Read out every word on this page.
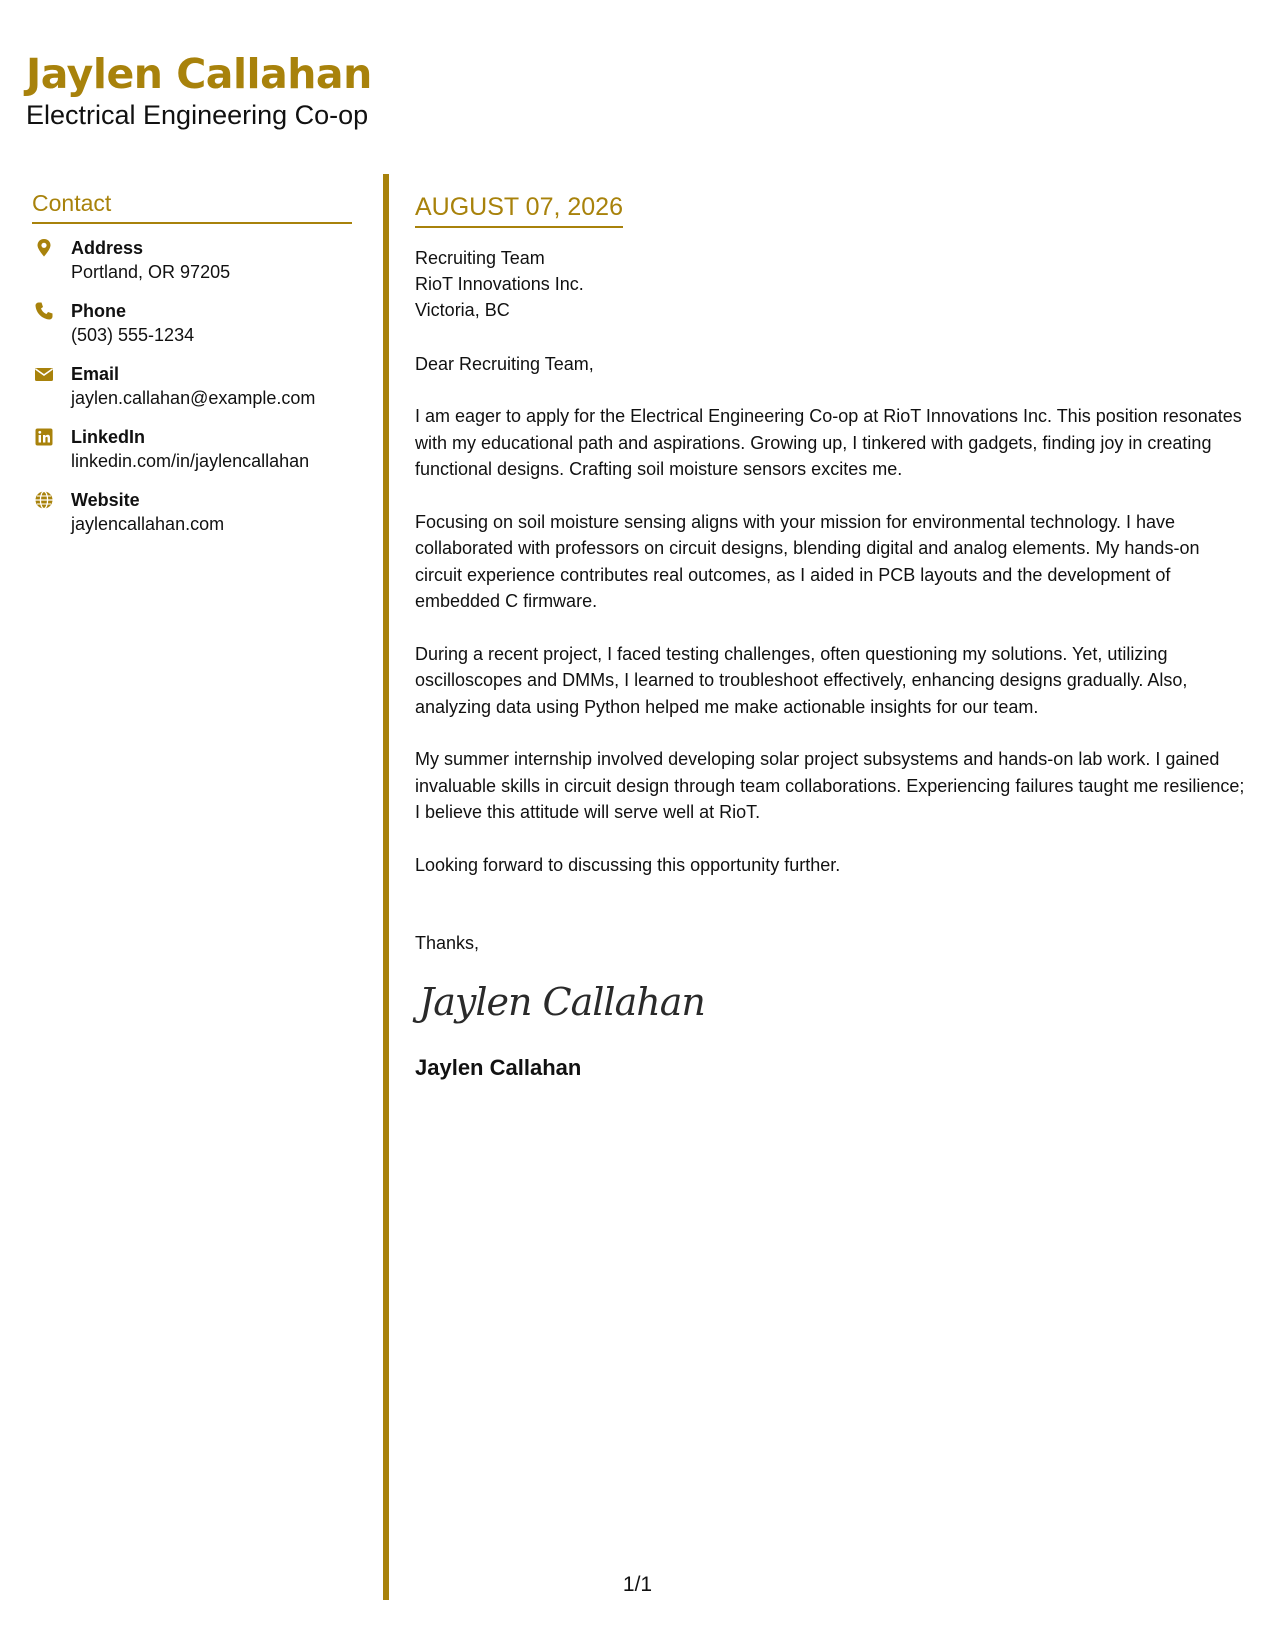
Jaylen Callahan
Electrical Engineering Co-op
Contact
Address
Portland, OR 97205
Phone
(503) 555-1234
Email
jaylen.callahan@example.com
LinkedIn
linkedin.com/in/jaylencallahan
Website
jaylencallahan.com
AUGUST 07, 2026
Recruiting Team
RioT Innovations Inc.
Victoria, BC
Dear Recruiting Team,
I am eager to apply for the Electrical Engineering Co-op at RioT Innovations Inc. This position resonates with my educational path and aspirations. Growing up, I tinkered with gadgets, finding joy in creating functional designs. Crafting soil moisture sensors excites me.
Focusing on soil moisture sensing aligns with your mission for environmental technology. I have collaborated with professors on circuit designs, blending digital and analog elements. My hands-on circuit experience contributes real outcomes, as I aided in PCB layouts and the development of embedded C firmware.
During a recent project, I faced testing challenges, often questioning my solutions. Yet, utilizing oscilloscopes and DMMs, I learned to troubleshoot effectively, enhancing designs gradually. Also, analyzing data using Python helped me make actionable insights for our team.
My summer internship involved developing solar project subsystems and hands-on lab work. I gained invaluable skills in circuit design through team collaborations. Experiencing failures taught me resilience; I believe this attitude will serve well at RioT.
Looking forward to discussing this opportunity further.
Thanks,
Jaylen Callahan
Jaylen Callahan
1/1
